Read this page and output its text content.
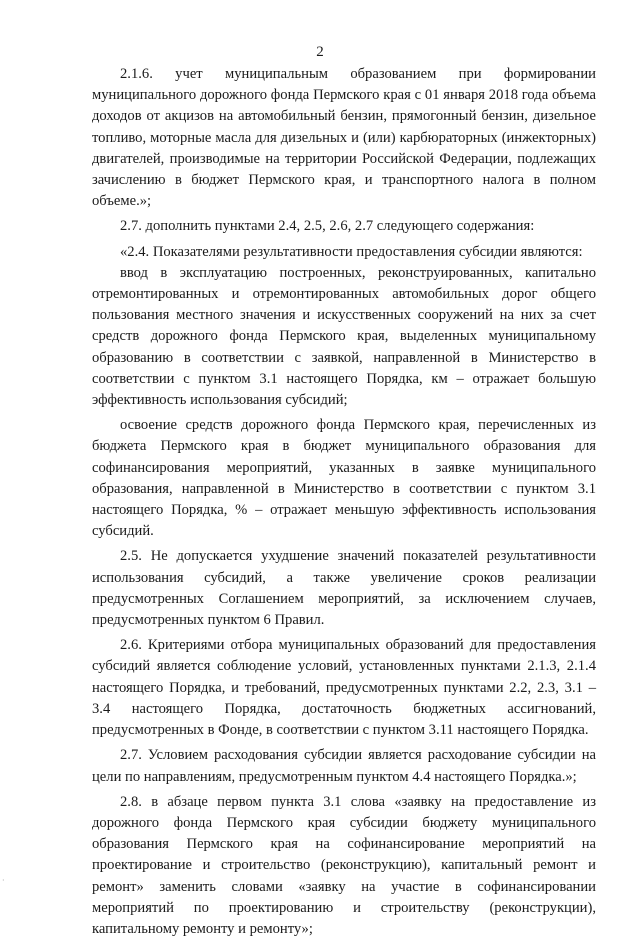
2

2.1.6. учет муниципальным образованием при формировании муниципального дорожного фонда Пермского края с 01 января 2018 года объема доходов от акцизов на автомобильный бензин, прямогонный бензин, дизельное топливо, моторные масла для дизельных и (или) карбюраторных (инжекторных) двигателей, производимые на территории Российской Федерации, подлежащих зачислению в бюджет Пермского края, и транспортного налога в полном объеме.»;

2.7. дополнить пунктами 2.4, 2.5, 2.6, 2.7 следующего содержания:

«2.4. Показателями результативности предоставления субсидии являются:

ввод в эксплуатацию построенных, реконструированных, капитально отремонтированных и отремонтированных автомобильных дорог общего пользования местного значения и искусственных сооружений на них за счет средств дорожного фонда Пермского края, выделенных муниципальному образованию в соответствии с заявкой, направленной в Министерство в соответствии с пунктом 3.1 настоящего Порядка, км – отражает большую эффективность использования субсидий;

освоение средств дорожного фонда Пермского края, перечисленных из бюджета Пермского края в бюджет муниципального образования для софинансирования мероприятий, указанных в заявке муниципального образования, направленной в Министерство в соответствии с пунктом 3.1 настоящего Порядка, % – отражает меньшую эффективность использования субсидий.

2.5. Не допускается ухудшение значений показателей результативности использования субсидий, а также увеличение сроков реализации предусмотренных Соглашением мероприятий, за исключением случаев, предусмотренных пунктом 6 Правил.

2.6. Критериями отбора муниципальных образований для предоставления субсидий является соблюдение условий, установленных пунктами 2.1.3, 2.1.4 настоящего Порядка, и требований, предусмотренных пунктами 2.2, 2.3, 3.1 – 3.4 настоящего Порядка, достаточность бюджетных ассигнований, предусмотренных в Фонде, в соответствии с пунктом 3.11 настоящего Порядка.

2.7. Условием расходования субсидии является расходование субсидии на цели по направлениям, предусмотренным пунктом 4.4 настоящего Порядка.»;

2.8. в абзаце первом пункта 3.1 слова «заявку на предоставление из дорожного фонда Пермского края субсидии бюджету муниципального образования Пермского края на софинансирование мероприятий на проектирование и строительство (реконструкцию), капитальный ремонт и ремонт» заменить словами «заявку на участие в софинансировании мероприятий по проектированию и строительству (реконструкции), капитальному ремонту и ремонту»;

·
